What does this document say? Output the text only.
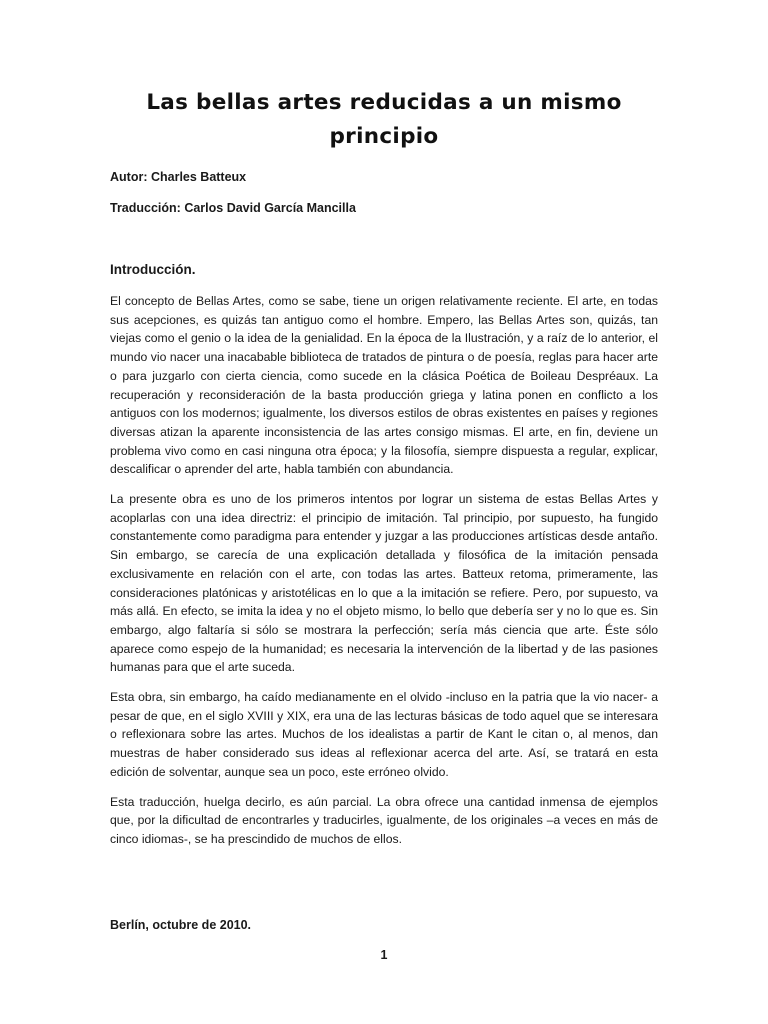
Las bellas artes reducidas a un mismo principio

Autor: Charles Batteux

Traducción: Carlos David García Mancilla

Introducción.

El concepto de Bellas Artes, como se sabe, tiene un origen relativamente reciente. El arte, en todas sus acepciones, es quizás tan antiguo como el hombre. Empero, las Bellas Artes son, quizás, tan viejas como el genio o la idea de la genialidad. En la época de la Ilustración, y a raíz de lo anterior, el mundo vio nacer una inacabable biblioteca de tratados de pintura o de poesía, reglas para hacer arte o para juzgarlo con cierta ciencia, como sucede en la clásica Poética de Boileau Despréaux. La recuperación y reconsideración de la basta producción griega y latina ponen en conflicto a los antiguos con los modernos; igualmente, los diversos estilos de obras existentes en países y regiones diversas atizan la aparente inconsistencia de las artes consigo mismas. El arte, en fin, deviene un problema vivo como en casi ninguna otra época; y la filosofía, siempre dispuesta a regular, explicar, descalificar o aprender del arte, habla también con abundancia.

La presente obra es uno de los primeros intentos por lograr un sistema de estas Bellas Artes y acoplarlas con una idea directriz: el principio de imitación. Tal principio, por supuesto, ha fungido constantemente como paradigma para entender y juzgar a las producciones artísticas desde antaño. Sin embargo, se carecía de una explicación detallada y filosófica de la imitación pensada exclusivamente en relación con el arte, con todas las artes. Batteux retoma, primeramente, las consideraciones platónicas y aristotélicas en lo que a la imitación se refiere. Pero, por supuesto, va más allá. En efecto, se imita la idea y no el objeto mismo, lo bello que debería ser y no lo que es. Sin embargo, algo faltaría si sólo se mostrara la perfección; sería más ciencia que arte. Éste sólo aparece como espejo de la humanidad; es necesaria la intervención de la libertad y de las pasiones humanas para que el arte suceda.

Esta obra, sin embargo, ha caído medianamente en el olvido -incluso en la patria que la vio nacer- a pesar de que, en el siglo XVIII y XIX, era una de las lecturas básicas de todo aquel que se interesara o reflexionara sobre las artes. Muchos de los idealistas a partir de Kant le citan o, al menos, dan muestras de haber considerado sus ideas al reflexionar acerca del arte. Así, se tratará en esta edición de solventar, aunque sea un poco, este erróneo olvido.

Esta traducción, huelga decirlo, es aún parcial. La obra ofrece una cantidad inmensa de ejemplos que, por la dificultad de encontrarles y traducirles, igualmente, de los originales –a veces en más de cinco idiomas-, se ha prescindido de muchos de ellos.

Berlín, octubre de 2010.

1
